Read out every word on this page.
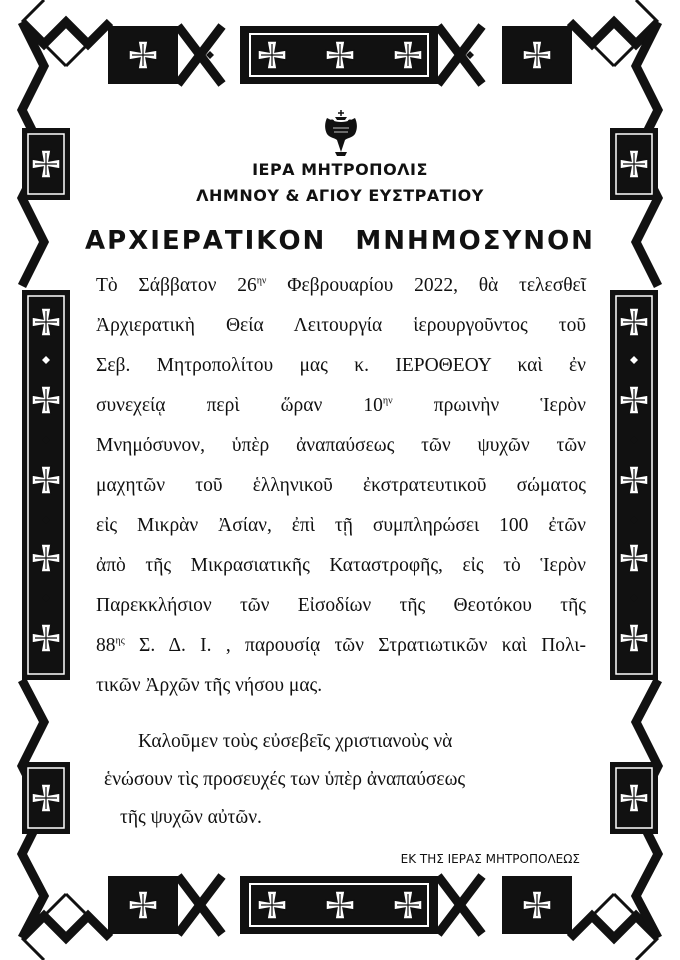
ΙΕΡΑ ΜΗΤΡΟΠΟΛΙΣ
ΛΗΜΝΟΥ & ΑΓΙΟΥ ΕΥΣΤΡΑΤΙΟΥ
ΑΡΧΙΕΡΑΤΙΚΟΝ ΜΝΗΜΟΣΥΝΟΝ
Τὸ Σάββατον $26^{\eta\nu}$ Φεβρουαρίου 2022, θὰ τελεσθεῖ
Ἀρχιερατικὴ Θεία Λειτουργία ἱερουργοῦντος τοῦ
Σεβ. Μητροπολίτου μας κ. ΙΕΡΟΘΕΟΥ καὶ ἐν
συνεχείᾳ περὶ ὥραν $10^{\eta\nu}$ πρωινὴν Ἱερὸν
Μνημόσυνον, ὑπὲρ ἀναπαύσεως τῶν ψυχῶν τῶν
μαχητῶν τοῦ ἑλληνικοῦ ἐκστρατευτικοῦ σώματος
εἰς Μικρὰν Ἀσίαν, ἐπὶ τῇ συμπληρώσει 100 ἐτῶν
ἀπὸ τῆς Μικρασιατικῆς Καταστροφῆς, εἰς τὸ Ἱερὸν
Παρεκκλήσιον τῶν Εἰσοδίων τῆς Θεοτόκου τῆς
$88^{\eta\varsigma}$ Σ. Δ. Ι. , παρουσίᾳ τῶν Στρατιωτικῶν καὶ Πολι-
τικῶν Ἀρχῶν τῆς νήσου μας.
Καλοῦμεν τοὺς εὐσεβεῖς χριστιανοὺς νὰ
ἑνώσουν τὶς προσευχές των ὑπὲρ ἀναπαύσεως
τῆς ψυχῶν αὐτῶν.
ΕΚ ΤΗΣ ΙΕΡΑΣ ΜΗΤΡΟΠΟΛΕΩΣ
